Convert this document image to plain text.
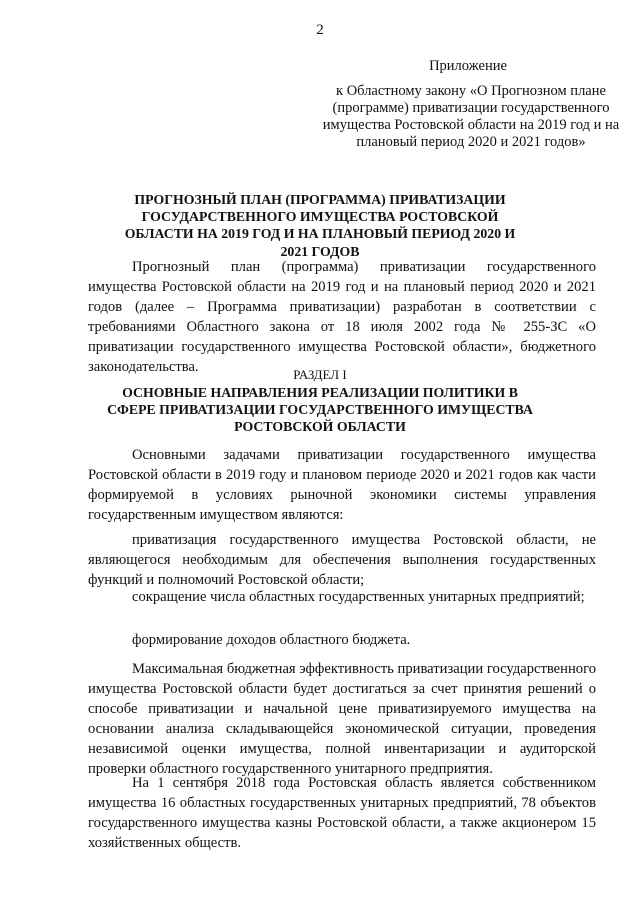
2
Приложение
к Областному закону «О Прогнозном плане (программе) приватизации государственного имущества Ростовской области на 2019 год и на плановый период 2020 и 2021 годов»
ПРОГНОЗНЫЙ ПЛАН (ПРОГРАММА) ПРИВАТИЗАЦИИ ГОСУДАРСТВЕННОГО ИМУЩЕСТВА РОСТОВСКОЙ ОБЛАСТИ НА 2019 ГОД И НА ПЛАНОВЫЙ ПЕРИОД 2020 И 2021 ГОДОВ
Прогнозный план (программа) приватизации государственного имущества Ростовской области на 2019 год и на плановый период 2020 и 2021 годов (далее – Программа приватизации) разработан в соответствии с требованиями Областного закона от 18 июля 2002 года № 255-ЗС «О приватизации государственного имущества Ростовской области», бюджетного законодательства.	РАЗДЕЛ I
ОСНОВНЫЕ НАПРАВЛЕНИЯ РЕАЛИЗАЦИИ ПОЛИТИКИ В СФЕРЕ ПРИВАТИЗАЦИИ ГОСУДАРСТВЕННОГО ИМУЩЕСТВА РОСТОВСКОЙ ОБЛАСТИ
Основными задачами приватизации государственного имущества Ростовской области в 2019 году и плановом периоде 2020 и 2021 годов как части формируемой в условиях рыночной экономики системы управления государственным имуществом являются:
приватизация государственного имущества Ростовской области, не являющегося необходимым для обеспечения выполнения государственных функций и полномочий Ростовской области;
сокращение числа областных государственных унитарных предприятий;
формирование доходов областного бюджета.
Максимальная бюджетная эффективность приватизации государственного имущества Ростовской области будет достигаться за счет принятия решений о способе приватизации и начальной цене приватизируемого имущества на основании анализа складывающейся экономической ситуации, проведения независимой оценки имущества, полной инвентаризации и аудиторской проверки областного государственного унитарного предприятия.
На 1 сентября 2018 года Ростовская область является собственником имущества 16 областных государственных унитарных предприятий, 78 объектов государственного имущества казны Ростовской области, а также акционером 15 хозяйственных обществ.
